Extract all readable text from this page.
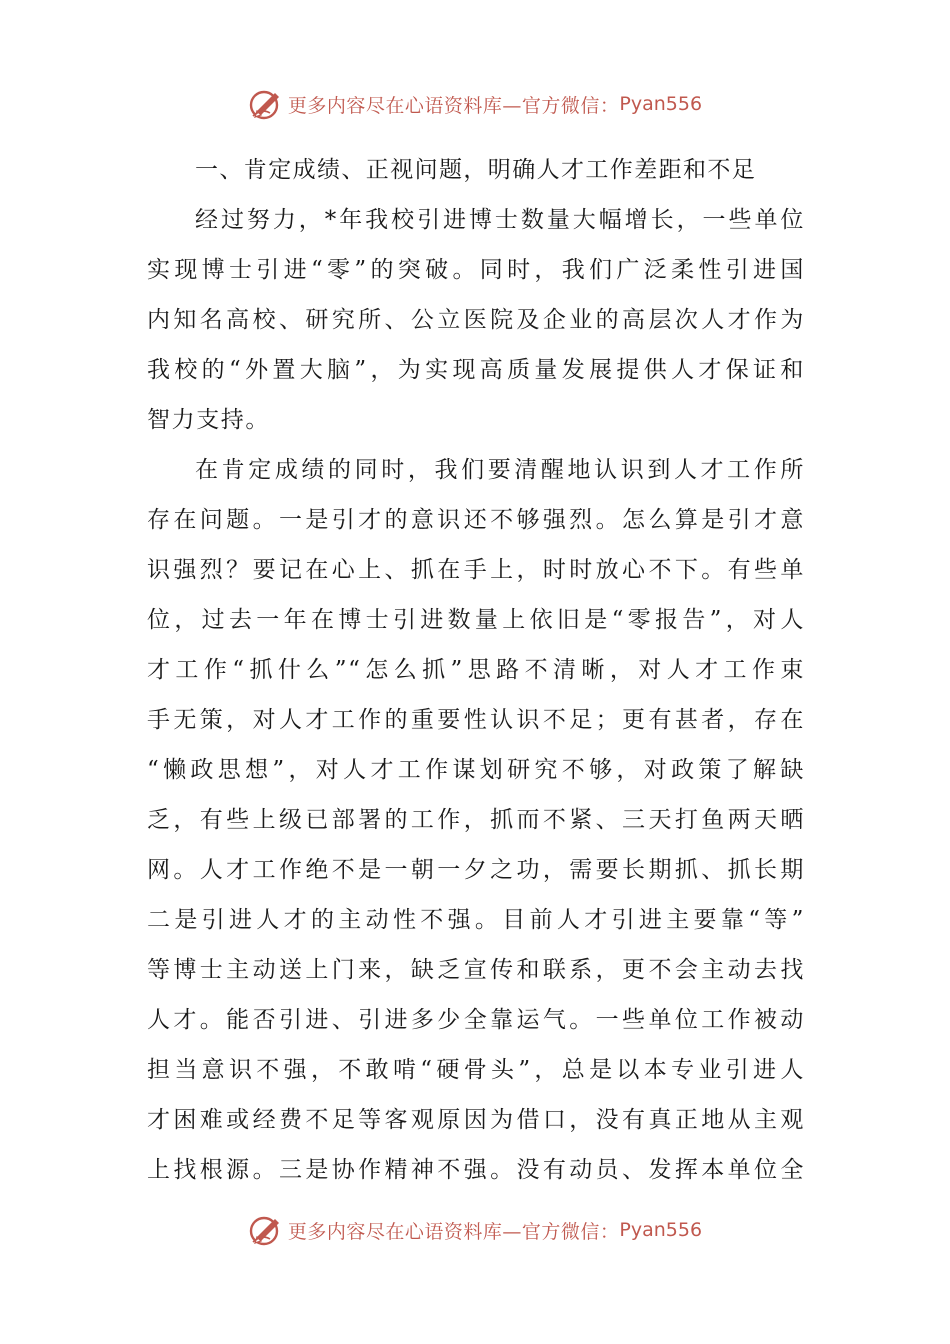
更多内容尽在心语资料库—官方微信： Pyan556

一、肯定成绩、正视问题，明确人才工作差距和不足

经过努力，*年我校引进博士数量大幅增长，一些单位
实现博士引进“零”的突破。同时，我们广泛柔性引进国
内知名高校、研究所、公立医院及企业的高层次人才作为
我校的“外置大脑”，为实现高质量发展提供人才保证和
智力支持。
在肯定成绩的同时，我们要清醒地认识到人才工作所
存在问题。一是引才的意识还不够强烈。怎么算是引才意
识强烈？要记在心上、抓在手上，时时放心不下。有些单
位，过去一年在博士引进数量上依旧是“零报告”，对人
才工作“抓什么”“怎么抓”思路不清晰，对人才工作束
手无策，对人才工作的重要性认识不足；更有甚者，存在
“懒政思想”，对人才工作谋划研究不够，对政策了解缺
乏，有些上级已部署的工作，抓而不紧、三天打鱼两天晒
网。人才工作绝不是一朝一夕之功，需要长期抓、抓长期
二是引进人才的主动性不强。目前人才引进主要靠“等”
等博士主动送上门来，缺乏宣传和联系，更不会主动去找
人才。能否引进、引进多少全靠运气。一些单位工作被动
担当意识不强，不敢啃“硬骨头”，总是以本专业引进人
才困难或经费不足等客观原因为借口，没有真正地从主观
上找根源。三是协作精神不强。没有动员、发挥本单位全
更多内容尽在心语资料库—官方微信： Pyan556
